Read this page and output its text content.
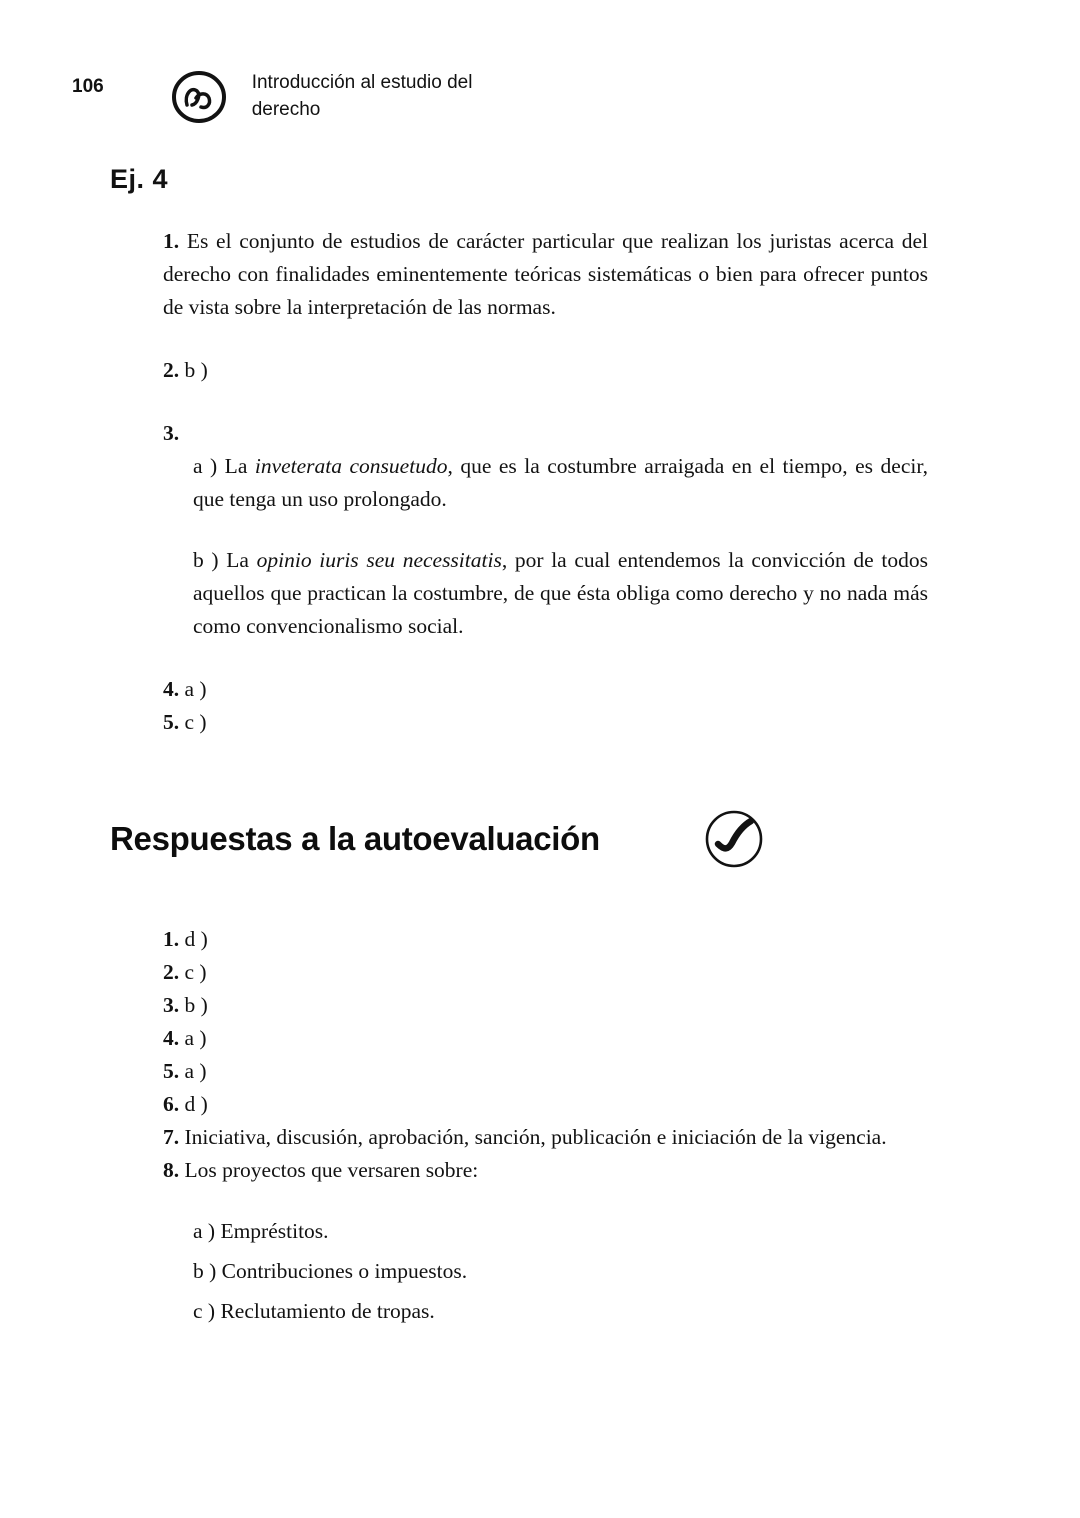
106	Introducción al estudio del derecho
Ej. 4

1. Es el conjunto de estudios de carácter particular que realizan los juristas acerca del derecho con finalidades eminentemente teóricas sistemáticas o bien para ofrecer puntos de vista sobre la interpretación de las normas.

2. b )

3.

a ) La inveterata consuetudo, que es la costumbre arraigada en el tiempo, es decir, que tenga un uso prolongado.

b ) La opinio iuris seu necessitatis, por la cual entendemos la convicción de todos aquellos que practican la costumbre, de que ésta obliga como derecho y no nada más como convencionalismo social.

4. a )

5. c )

Respuestas a la autoevaluación

1. d )

2. c )

3. b )

4. a )

5. a )

6. d )

7. Iniciativa, discusión, aprobación, sanción, publicación e iniciación de la vigencia.

8. Los proyectos que versaren sobre:

a ) Empréstitos.

b ) Contribuciones o impuestos.

c ) Reclutamiento de tropas.
